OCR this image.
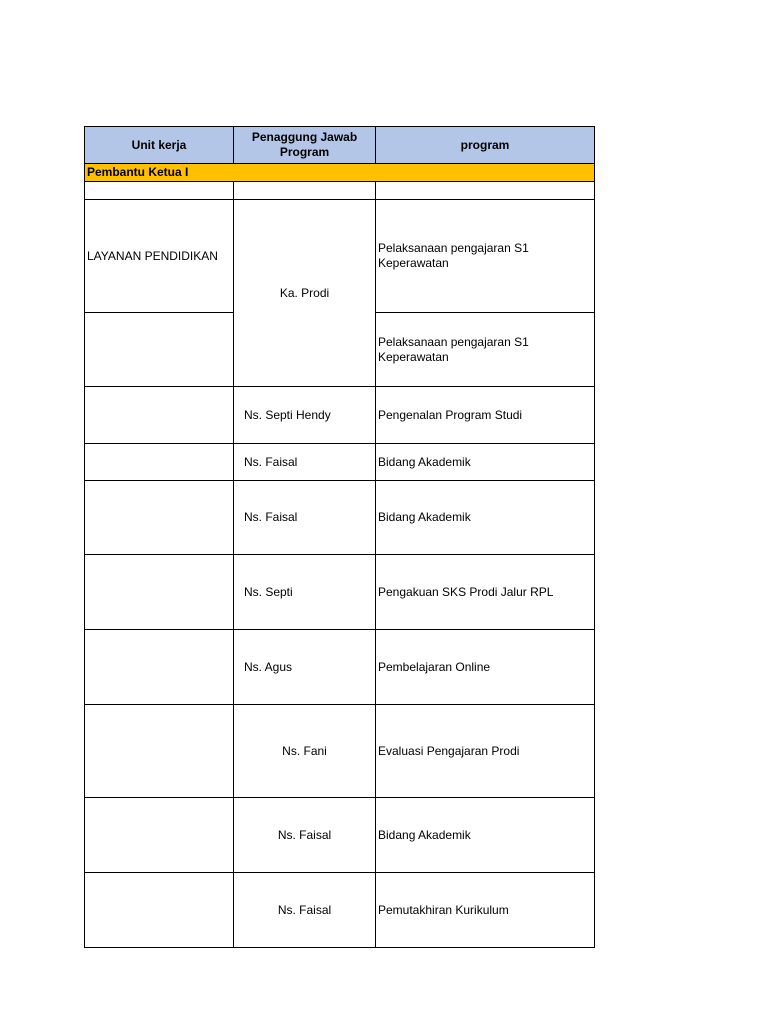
Unit kerja	Penaggung Jawab Program	program
Pembantu Ketua I		

LAYANAN PENDIDIKAN	Ka. Prodi	Pelaksanaan pengajaran S1 Keperawatan
		Pelaksanaan pengajaran S1 Keperawatan
	Ns. Septi Hendy	Pengenalan Program Studi
	Ns. Faisal	Bidang Akademik
	Ns. Faisal	Bidang Akademik
	Ns. Septi	Pengakuan SKS Prodi Jalur RPL
	Ns. Agus	Pembelajaran Online
	Ns. Fani	Evaluasi Pengajaran Prodi
	Ns. Faisal	Bidang Akademik
	Ns. Faisal	Pemutakhiran Kurikulum
